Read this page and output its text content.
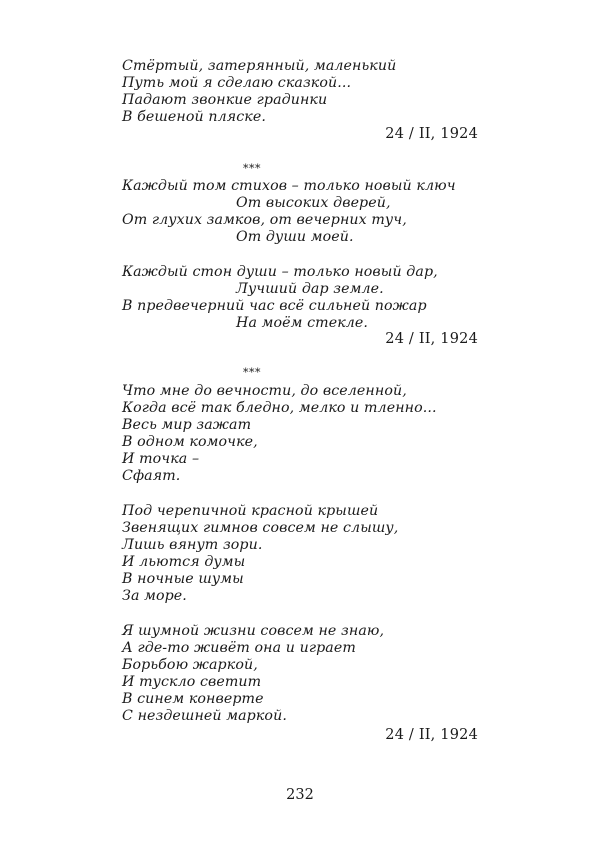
Стёртый, затерянный, маленький
Путь мой я сделаю сказкой...
Падают звонкие градинки
В бешеной пляске.
24 / II, 1924
***
Каждый том стихов – только новый ключ
От высоких дверей,
От глухих замков, от вечерних туч,
От души моей.
Каждый стон души – только новый дар,
Лучший дар земле.
В предвечерний час всё сильней пожар
На моём стекле.
24 / II, 1924
***
Что мне до вечности, до вселенной,
Когда всё так бледно, мелко и тленно...
Весь мир зажат
В одном комочке,
И точка –
Сфаят.
Под черепичной красной крышей
Звенящих гимнов совсем не слышу,
Лишь вянут зори.
И льются думы
В ночные шумы
За море.
Я шумной жизни совсем не знаю,
А где-то живёт она и играет
Борьбою жаркой,
И тускло светит
В синем конверте
С нездешней маркой.
24 / II, 1924
232
